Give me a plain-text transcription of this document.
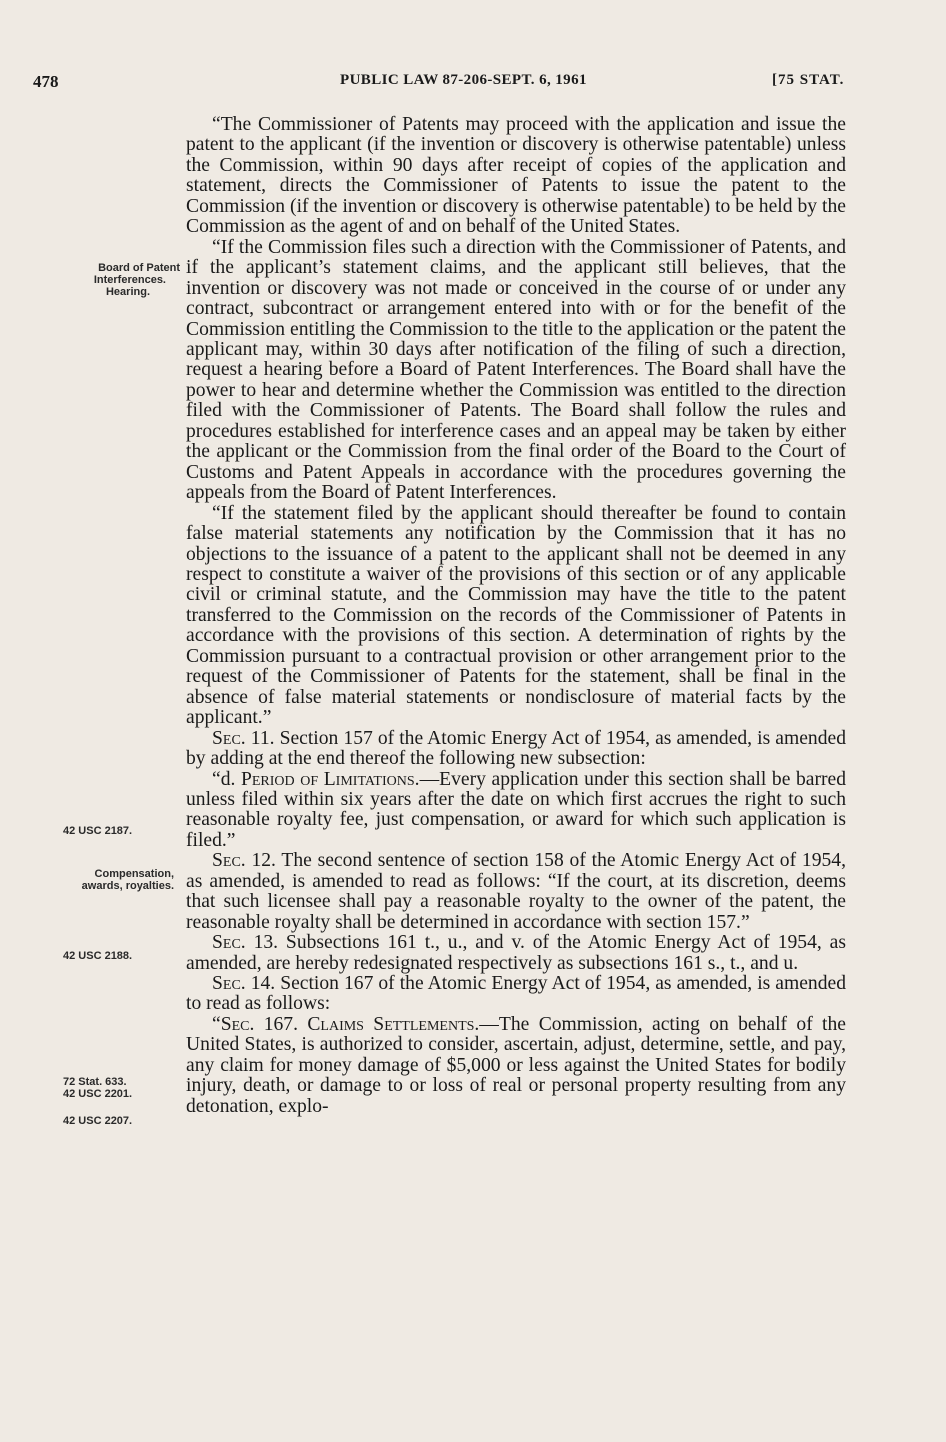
478	PUBLIC LAW 87-206-SEPT. 6, 1961	[75 STAT.
Board of Patent
Interferences.
Hearing.
42 USC 2187.
Compensation,
awards, royalties.
42 USC 2188.
72 Stat. 633.
42 USC 2201.
42 USC 2207.

“The Commissioner of Patents may proceed with the application and issue the patent to the applicant (if the invention or discovery is otherwise patentable) unless the Commission, within 90 days after receipt of copies of the application and statement, directs the Commissioner of Patents to issue the patent to the Commission (if the invention or discovery is otherwise patentable) to be held by the Commission as the agent of and on behalf of the United States.

“If the Commission files such a direction with the Commissioner of Patents, and if the applicant’s statement claims, and the applicant still believes, that the invention or discovery was not made or conceived in the course of or under any contract, subcontract or arrangement entered into with or for the benefit of the Commission entitling the Commission to the title to the application or the patent the applicant may, within 30 days after notification of the filing of such a direction, request a hearing before a Board of Patent Interferences. The Board shall have the power to hear and determine whether the Commission was entitled to the direction filed with the Commissioner of Patents. The Board shall follow the rules and procedures established for interference cases and an appeal may be taken by either the applicant or the Commission from the final order of the Board to the Court of Customs and Patent Appeals in accordance with the procedures governing the appeals from the Board of Patent Interferences.

“If the statement filed by the applicant should thereafter be found to contain false material statements any notification by the Commission that it has no objections to the issuance of a patent to the applicant shall not be deemed in any respect to constitute a waiver of the provisions of this section or of any applicable civil or criminal statute, and the Commission may have the title to the patent transferred to the Commission on the records of the Commissioner of Patents in accordance with the provisions of this section. A determination of rights by the Commission pursuant to a contractual provision or other arrangement prior to the request of the Commissioner of Patents for the statement, shall be final in the absence of false material statements or nondisclosure of material facts by the applicant.”

Sec. 11. Section 157 of the Atomic Energy Act of 1954, as amended, is amended by adding at the end thereof the following new subsection:

“d. Period of Limitations.—Every application under this section shall be barred unless filed within six years after the date on which first accrues the right to such reasonable royalty fee, just compensation, or award for which such application is filed.”

Sec. 12. The second sentence of section 158 of the Atomic Energy Act of 1954, as amended, is amended to read as follows: “If the court, at its discretion, deems that such licensee shall pay a reasonable royalty to the owner of the patent, the reasonable royalty shall be determined in accordance with section 157.”

Sec. 13. Subsections 161 t., u., and v. of the Atomic Energy Act of 1954, as amended, are hereby redesignated respectively as subsections 161 s., t., and u.

Sec. 14. Section 167 of the Atomic Energy Act of 1954, as amended, is amended to read as follows:

“Sec. 167. Claims Settlements.—The Commission, acting on behalf of the United States, is authorized to consider, ascertain, adjust, determine, settle, and pay, any claim for money damage of $5,000 or less against the United States for bodily injury, death, or damage to or loss of real or personal property resulting from any detonation, explo-
